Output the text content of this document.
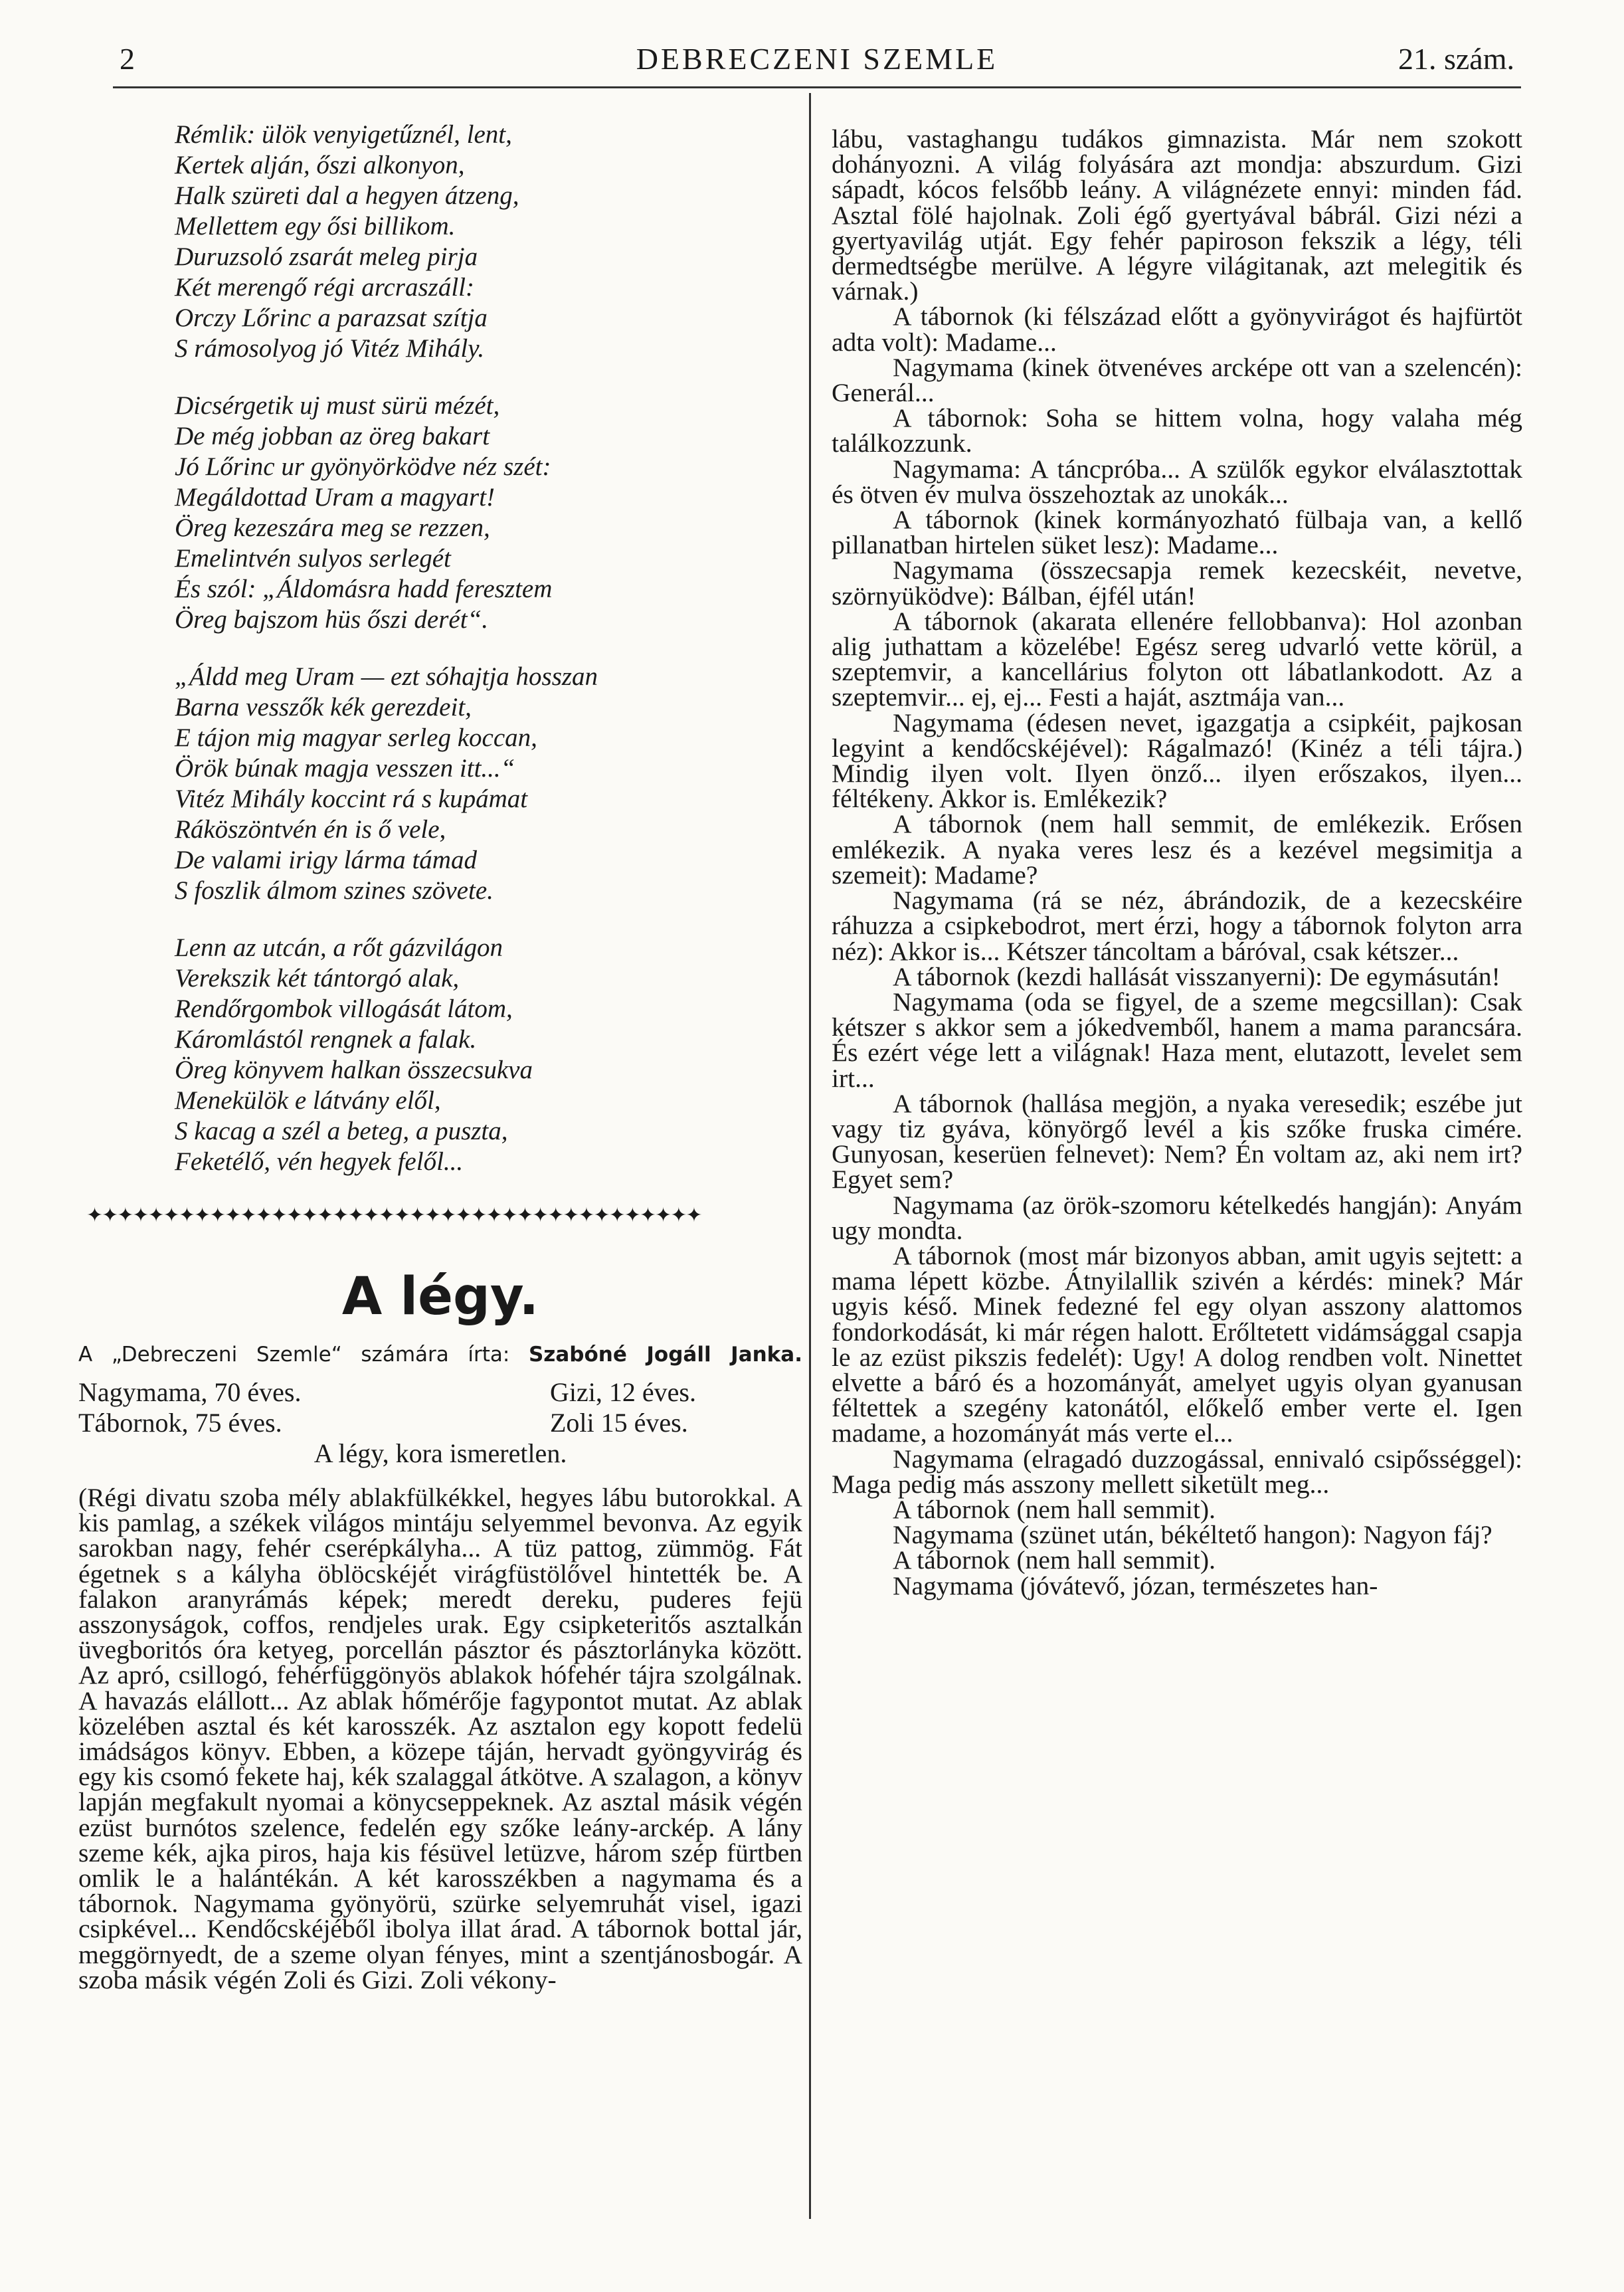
2	DEBRECZENI SZEMLE	21. szám.
Rémlik: ülök venyigetűznél, lent,
Kertek alján, őszi alkonyon,
Halk szüreti dal a hegyen átzeng,
Mellettem egy ősi billikom.
Duruzsoló zsarát meleg pirja
Két merengő régi arcraszáll:
Orczy Lőrinc a parazsat szítja
S rámosolyog jó Vitéz Mihály.
Dicsérgetik uj must sürü mézét,
De még jobban az öreg bakart
Jó Lőrinc ur gyönyörködve néz szét:
Megáldottad Uram a magyart!
Öreg kezeszára meg se rezzen,
Emelintvén sulyos serlegét
És szól: „Áldomásra hadd feresztem
Öreg bajszom hüs őszi derét“.
„Áldd meg Uram — ezt sóhajtja hosszan
Barna vesszők kék gerezdeit,
E tájon mig magyar serleg koccan,
Örök búnak magja vesszen itt...“
Vitéz Mihály koccint rá s kupámat
Ráköszöntvén én is ő vele,
De valami irigy lárma támad
S foszlik álmom szines szövete.
Lenn az utcán, a rőt gázvilágon
Verekszik két tántorgó alak,
Rendőrgombok villogását látom,
Káromlástól rengnek a falak.
Öreg könyvem halkan összecsukva
Menekülök e látvány elől,
S kacag a szél a beteg, a puszta,
Feketélő, vén hegyek felől...
✦✦✦✦✦✦✦✦✦✦✦✦✦✦✦✦✦✦✦✦✦✦✦✦✦✦✦✦✦✦✦✦✦✦✦✦✦✦✦✦
A légy.
A „Debreczeni Szemle“ számára írta: Szabóné Jogáll Janka.
Nagymama, 70 éves.	Gizi, 12 éves.
Tábornok, 75 éves.	Zoli 15 éves.
A légy, kora ismeretlen.

(Régi divatu szoba mély ablakfülkékkel, hegyes lábu butorokkal. A kis pamlag, a székek világos mintáju selyemmel bevonva. Az egyik sarokban nagy, fehér cserépkályha... A tüz pattog, zümmög. Fát égetnek s a kályha öblöcskéjét virágfüstölővel hintették be. A falakon aranyrámás képek; meredt dereku, puderes fejü asszonyságok, coffos, rendjeles urak. Egy csipketeritős asztalkán üvegboritós óra ketyeg, porcellán pásztor és pásztorlányka között. Az apró, csillogó, fehérfüggönyös ablakok hófehér tájra szolgálnak. A havazás elállott... Az ablak hőmérője fagypontot mutat. Az ablak közelében asztal és két karosszék. Az asztalon egy kopott fedelü imádságos könyv. Ebben, a közepe táján, hervadt gyöngyvirág és egy kis csomó fekete haj, kék szalaggal átkötve. A szalagon, a könyv lapján megfakult nyomai a könycseppeknek. Az asztal másik végén ezüst burnótos szelence, fedelén egy szőke leány-arckép. A lány szeme kék, ajka piros, haja kis fésüvel letüzve, három szép fürtben omlik le a halántékán. A két karosszékben a nagymama és a tábornok. Nagymama gyönyörü, szürke selyemruhát visel, igazi csipkével... Kendőcskéjéből ibolya illat árad. A tábornok bottal jár, meggörnyedt, de a szeme olyan fényes, mint a szentjánosbogár. A szoba másik végén Zoli és Gizi. Zoli vékony-

lábu, vastaghangu tudákos gimnazista. Már nem szokott dohányozni. A világ folyására azt mondja: abszurdum. Gizi sápadt, kócos felsőbb leány. A világnézete ennyi: minden fád. Asztal fölé hajolnak. Zoli égő gyertyával bábrál. Gizi nézi a gyertyavilág utját. Egy fehér papiroson fekszik a légy, téli dermedtségbe merülve. A légyre világitanak, azt melegitik és várnak.)

A tábornok (ki félszázad előtt a gyönyvirágot és hajfürtöt adta volt): Madame...

Nagymama (kinek ötvenéves arcképe ott van a szelencén): Generál...

A tábornok: Soha se hittem volna, hogy valaha még találkozzunk.

Nagymama: A táncpróba... A szülők egykor elválasztottak és ötven év mulva összehoztak az unokák...

A tábornok (kinek kormányozható fülbaja van, a kellő pillanatban hirtelen süket lesz): Madame...

Nagymama (összecsapja remek kezecskéit, nevetve, szörnyüködve): Bálban, éjfél után!

A tábornok (akarata ellenére fellobbanva): Hol azonban alig juthattam a közelébe! Egész sereg udvarló vette körül, a szeptemvir, a kancellárius folyton ott lábatlankodott. Az a szeptemvir... ej, ej... Festi a haját, asztmája van...

Nagymama (édesen nevet, igazgatja a csipkéit, pajkosan legyint a kendőcskéjével): Rágalmazó! (Kinéz a téli tájra.) Mindig ilyen volt. Ilyen önző... ilyen erőszakos, ilyen... féltékeny. Akkor is. Emlékezik?

A tábornok (nem hall semmit, de emlékezik. Erősen emlékezik. A nyaka veres lesz és a kezével megsimitja a szemeit): Madame?

Nagymama (rá se néz, ábrándozik, de a kezecskéire ráhuzza a csipkebodrot, mert érzi, hogy a tábornok folyton arra néz): Akkor is... Kétszer táncoltam a báróval, csak kétszer...

A tábornok (kezdi hallását visszanyerni): De egymásután!

Nagymama (oda se figyel, de a szeme megcsillan): Csak kétszer s akkor sem a jókedvemből, hanem a mama parancsára. És ezért vége lett a világnak! Haza ment, elutazott, levelet sem irt...

A tábornok (hallása megjön, a nyaka veresedik; eszébe jut vagy tiz gyáva, könyörgő levél a kis szőke fruska cimére. Gunyosan, keserüen felnevet): Nem? Én voltam az, aki nem irt? Egyet sem?

Nagymama (az örök-szomoru kételkedés hangján): Anyám ugy mondta.

A tábornok (most már bizonyos abban, amit ugyis sejtett: a mama lépett közbe. Átnyilallik szivén a kérdés: minek? Már ugyis késő. Minek fedezné fel egy olyan asszony alattomos fondorkodását, ki már régen halott. Erőltetett vidámsággal csapja le az ezüst pikszis fedelét): Ugy! A dolog rendben volt. Ninettet elvette a báró és a hozományát, amelyet ugyis olyan gyanusan féltettek a szegény katonától, előkelő ember verte el. Igen madame, a hozományát más verte el...

Nagymama (elragadó duzzogással, ennivaló csipősséggel): Maga pedig más asszony mellett siketült meg...

A tábornok (nem hall semmit).

Nagymama (szünet után, békéltető hangon): Nagyon fáj?

A tábornok (nem hall semmit).

Nagymama (jóvátevő, józan, természetes han-
